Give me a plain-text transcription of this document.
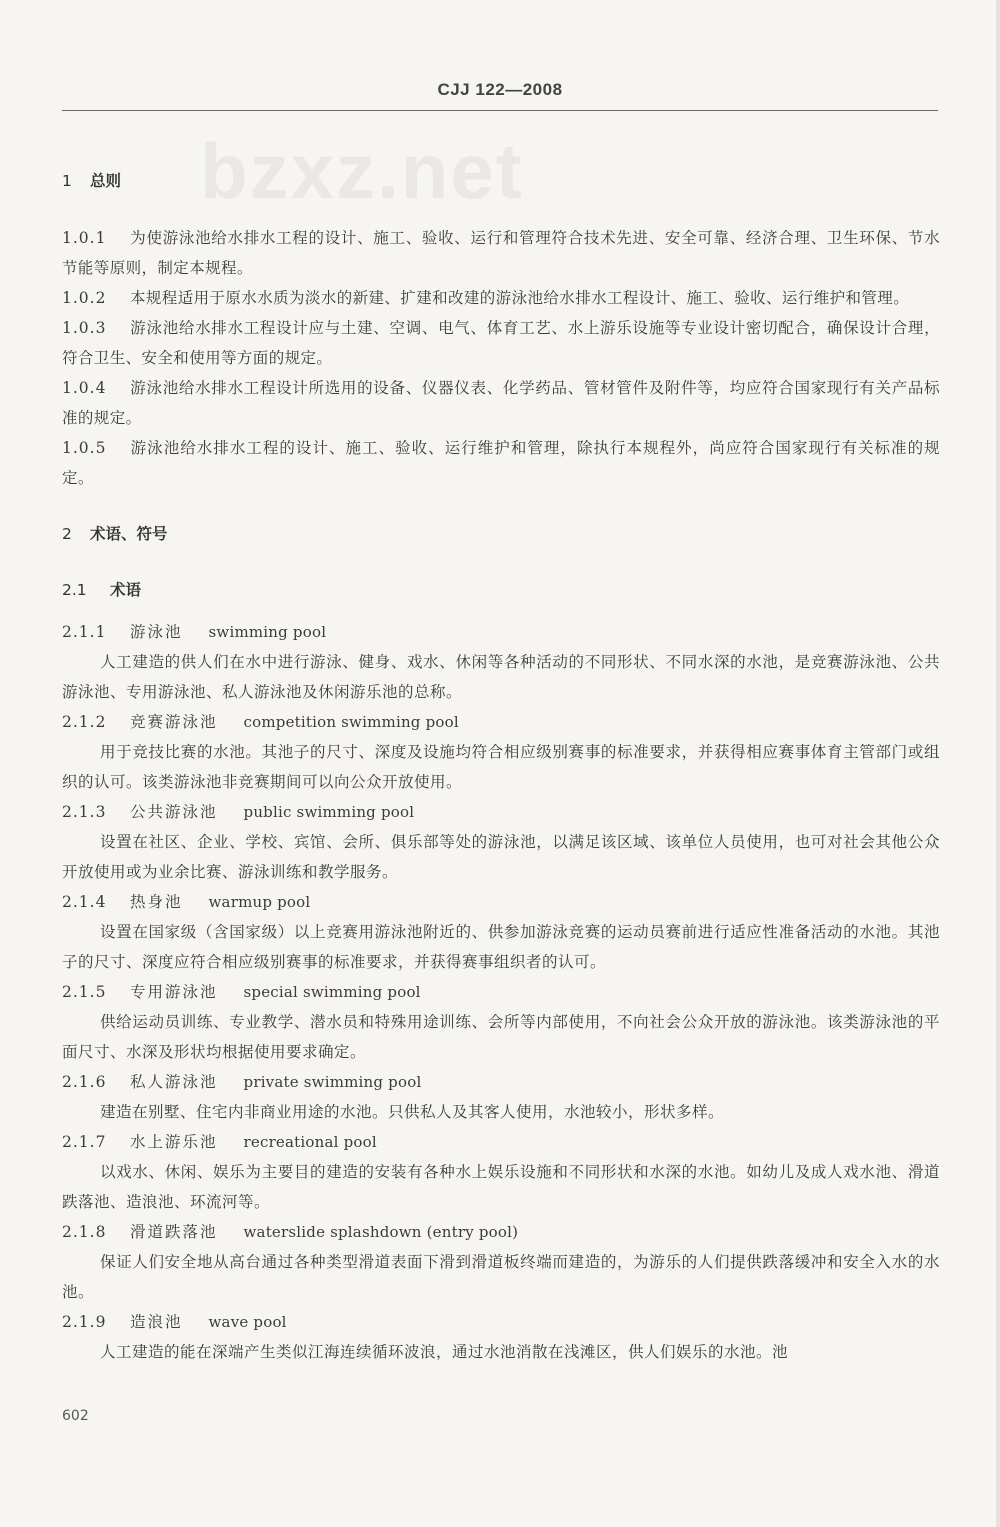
CJJ 122—2008
bzxz.net
1 总则

1.0.1 为使游泳池给水排水工程的设计、施工、验收、运行和管理符合技术先进、安全可靠、经济合理、卫生环保、节水节能等原则，制定本规程。

1.0.2 本规程适用于原水水质为淡水的新建、扩建和改建的游泳池给水排水工程设计、施工、验收、运行维护和管理。

1.0.3 游泳池给水排水工程设计应与土建、空调、电气、体育工艺、水上游乐设施等专业设计密切配合，确保设计合理，符合卫生、安全和使用等方面的规定。

1.0.4 游泳池给水排水工程设计所选用的设备、仪器仪表、化学药品、管材管件及附件等，均应符合国家现行有关产品标准的规定。

1.0.5 游泳池给水排水工程的设计、施工、验收、运行维护和管理，除执行本规程外，尚应符合国家现行有关标准的规定。

2 术语、符号
2.1 术语

2.1.1 游泳池 swimming pool

人工建造的供人们在水中进行游泳、健身、戏水、休闲等各种活动的不同形状、不同水深的水池，是竞赛游泳池、公共游泳池、专用游泳池、私人游泳池及休闲游乐池的总称。

2.1.2 竞赛游泳池 competition swimming pool

用于竞技比赛的水池。其池子的尺寸、深度及设施均符合相应级别赛事的标准要求，并获得相应赛事体育主管部门或组织的认可。该类游泳池非竞赛期间可以向公众开放使用。

2.1.3 公共游泳池 public swimming pool

设置在社区、企业、学校、宾馆、会所、俱乐部等处的游泳池，以满足该区域、该单位人员使用，也可对社会其他公众开放使用或为业余比赛、游泳训练和教学服务。

2.1.4 热身池 warmup pool

设置在国家级（含国家级）以上竞赛用游泳池附近的、供参加游泳竞赛的运动员赛前进行适应性准备活动的水池。其池子的尺寸、深度应符合相应级别赛事的标准要求，并获得赛事组织者的认可。

2.1.5 专用游泳池 special swimming pool

供给运动员训练、专业教学、潜水员和特殊用途训练、会所等内部使用，不向社会公众开放的游泳池。该类游泳池的平面尺寸、水深及形状均根据使用要求确定。

2.1.6 私人游泳池 private swimming pool

建造在别墅、住宅内非商业用途的水池。只供私人及其客人使用，水池较小，形状多样。

2.1.7 水上游乐池 recreational pool

以戏水、休闲、娱乐为主要目的建造的安装有各种水上娱乐设施和不同形状和水深的水池。如幼儿及成人戏水池、滑道跌落池、造浪池、环流河等。

2.1.8 滑道跌落池 waterslide splashdown (entry pool)

保证人们安全地从高台通过各种类型滑道表面下滑到滑道板终端而建造的，为游乐的人们提供跌落缓冲和安全入水的水池。

2.1.9 造浪池 wave pool

人工建造的能在深端产生类似江海连续循环波浪，通过水池消散在浅滩区，供人们娱乐的水池。池

602
